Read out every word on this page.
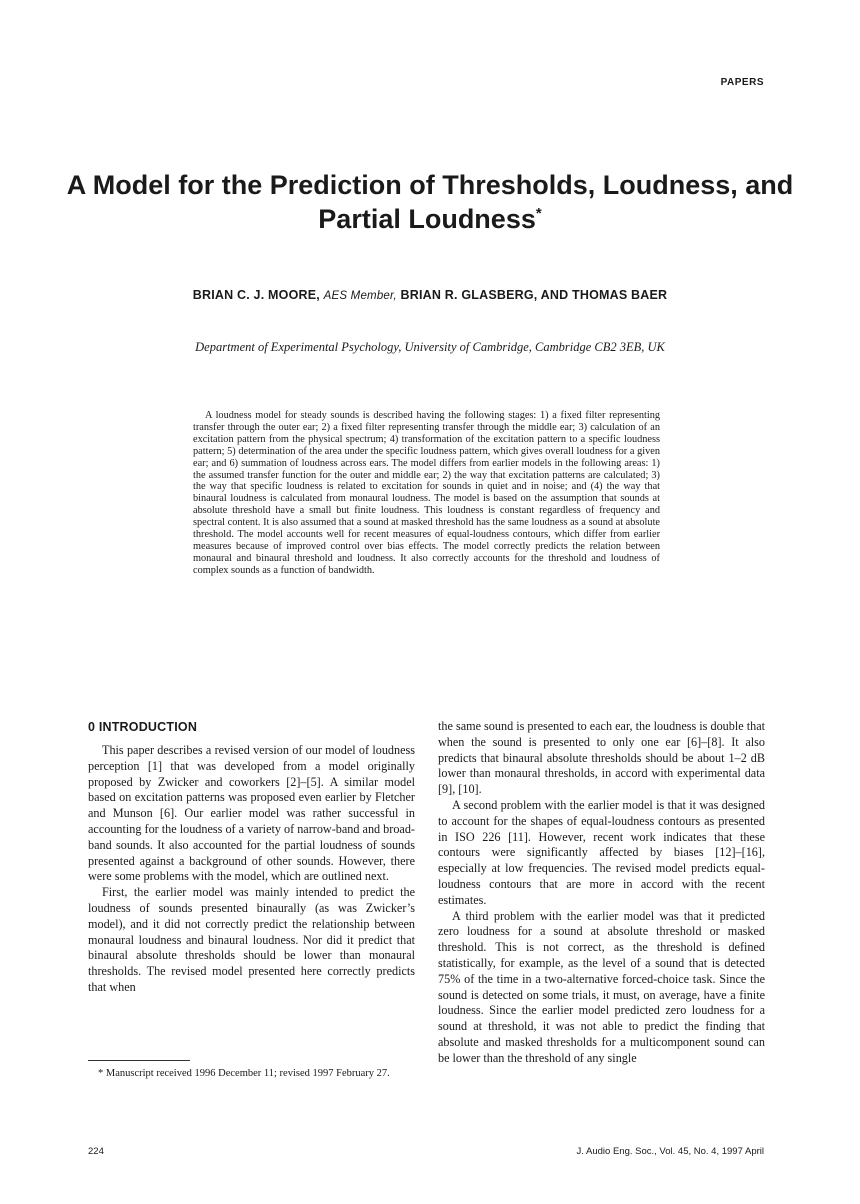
PAPERS
A Model for the Prediction of Thresholds, Loudness, and Partial Loudness*
BRIAN C. J. MOORE, AES Member, BRIAN R. GLASBERG, AND THOMAS BAER
Department of Experimental Psychology, University of Cambridge, Cambridge CB2 3EB, UK

A loudness model for steady sounds is described having the following stages: 1) a fixed filter representing transfer through the outer ear; 2) a fixed filter representing transfer through the middle ear; 3) calculation of an excitation pattern from the physical spectrum; 4) transformation of the excitation pattern to a specific loudness pattern; 5) determination of the area under the specific loudness pattern, which gives overall loudness for a given ear; and 6) summation of loudness across ears. The model differs from earlier models in the following areas: 1) the assumed transfer function for the outer and middle ear; 2) the way that excitation patterns are calculated; 3) the way that specific loudness is related to excitation for sounds in quiet and in noise; and (4) the way that binaural loudness is calculated from monaural loudness. The model is based on the assumption that sounds at absolute threshold have a small but finite loudness. This loudness is constant regardless of frequency and spectral content. It is also assumed that a sound at masked threshold has the same loudness as a sound at absolute threshold. The model accounts well for recent measures of equal-loudness contours, which differ from earlier measures because of improved control over bias effects. The model correctly predicts the relation between monaural and binaural threshold and loudness. It also correctly accounts for the threshold and loudness of complex sounds as a function of bandwidth.

0 INTRODUCTION

This paper describes a revised version of our model of loudness perception [1] that was developed from a model originally proposed by Zwicker and coworkers [2]–[5]. A similar model based on excitation patterns was proposed even earlier by Fletcher and Munson [6]. Our earlier model was rather successful in accounting for the loudness of a variety of narrow-band and broad-band sounds. It also accounted for the partial loudness of sounds presented against a background of other sounds. However, there were some problems with the model, which are outlined next.

First, the earlier model was mainly intended to predict the loudness of sounds presented binaurally (as was Zwicker’s model), and it did not correctly predict the relationship between monaural loudness and binaural loudness. Nor did it predict that binaural absolute thresholds should be lower than monaural thresholds. The revised model presented here correctly predicts that when

the same sound is presented to each ear, the loudness is double that when the sound is presented to only one ear [6]–[8]. It also predicts that binaural absolute thresholds should be about 1–2 dB lower than monaural thresholds, in accord with experimental data [9], [10].

A second problem with the earlier model is that it was designed to account for the shapes of equal-loudness contours as presented in ISO 226 [11]. However, recent work indicates that these contours were significantly affected by biases [12]–[16], especially at low frequencies. The revised model predicts equal-loudness contours that are more in accord with the recent estimates.

A third problem with the earlier model was that it predicted zero loudness for a sound at absolute threshold or masked threshold. This is not correct, as the threshold is defined statistically, for example, as the level of a sound that is detected 75% of the time in a two-alternative forced-choice task. Since the sound is detected on some trials, it must, on average, have a finite loudness. Since the earlier model predicted zero loudness for a sound at threshold, it was not able to predict the finding that absolute and masked thresholds for a multicomponent sound can be lower than the threshold of any single

* Manuscript received 1996 December 11; revised 1997 February 27.

224	J. Audio Eng. Soc., Vol. 45, No. 4, 1997 April
